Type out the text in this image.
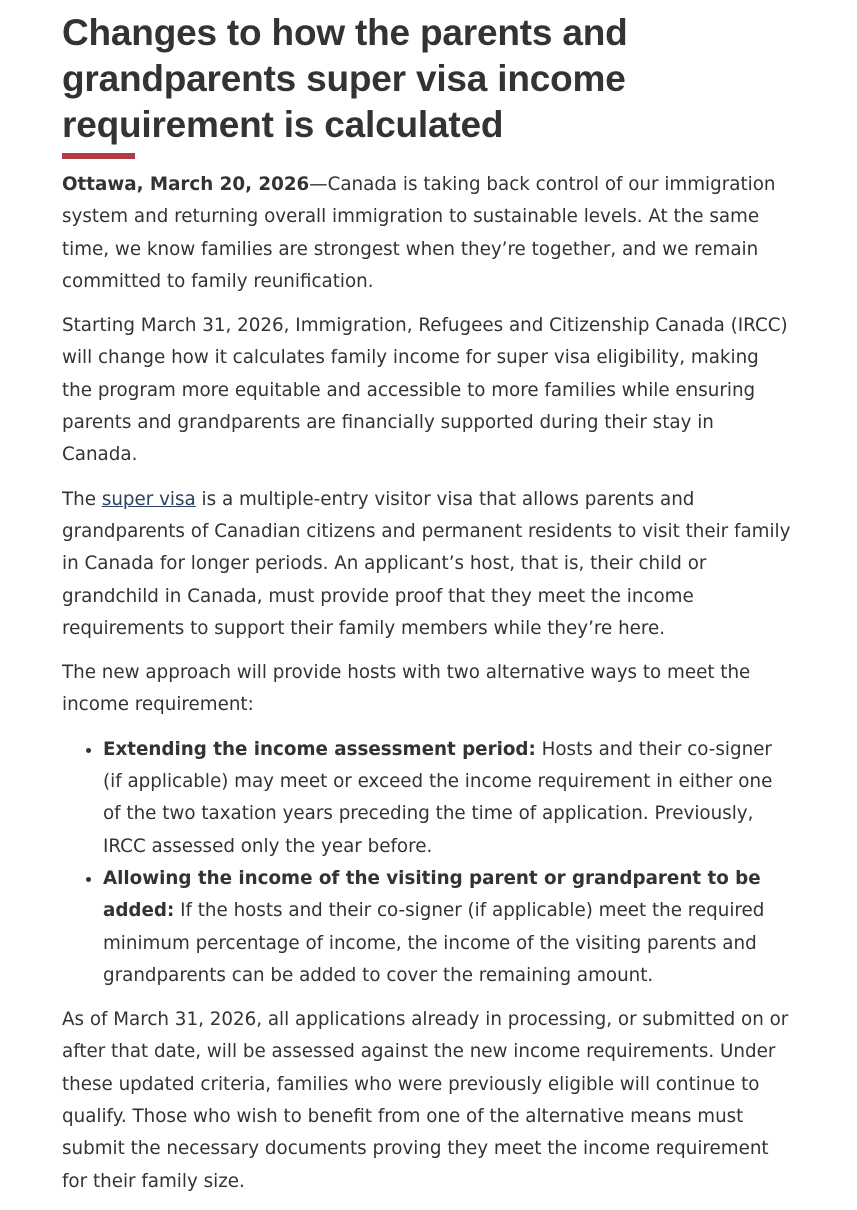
Changes to how the parents and grandparents super visa income requirement is calculated

Ottawa, March 20, 2026—Canada is taking back control of our immigration system and returning overall immigration to sustainable levels. At the same time, we know families are strongest when they’re together, and we remain committed to family reunification.

Starting March 31, 2026, Immigration, Refugees and Citizenship Canada (IRCC) will change how it calculates family income for super visa eligibility, making the program more equitable and accessible to more families while ensuring parents and grandparents are financially supported during their stay in Canada.

The super visa is a multiple-entry visitor visa that allows parents and grandparents of Canadian citizens and permanent residents to visit their family in Canada for longer periods. An applicant’s host, that is, their child or grandchild in Canada, must provide proof that they meet the income requirements to support their family members while they’re here.

The new approach will provide hosts with two alternative ways to meet the income requirement:

• Extending the income assessment period: Hosts and their co-signer (if applicable) may meet or exceed the income requirement in either one of the two taxation years preceding the time of application. Previously, IRCC assessed only the year before.
• Allowing the income of the visiting parent or grandparent to be added: If the hosts and their co-signer (if applicable) meet the required minimum percentage of income, the income of the visiting parents and grandparents can be added to cover the remaining amount.

As of March 31, 2026, all applications already in processing, or submitted on or after that date, will be assessed against the new income requirements. Under these updated criteria, families who were previously eligible will continue to qualify. Those who wish to benefit from one of the alternative means must submit the necessary documents proving they meet the income requirement for their family size.
